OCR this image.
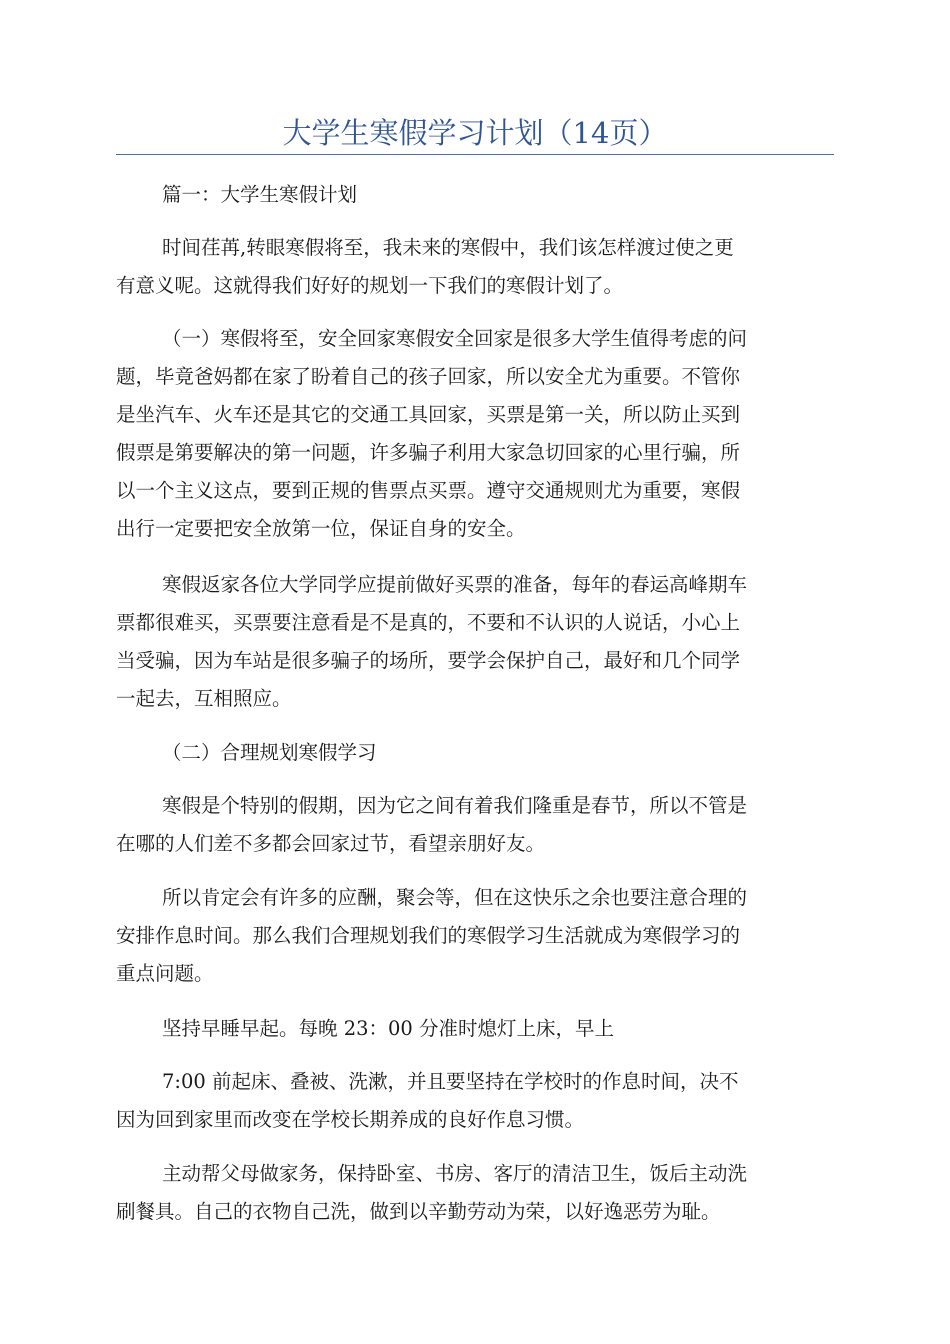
大学生寒假学习计划（14页）
篇一：大学生寒假计划
时间荏苒,转眼寒假将至，我未来的寒假中，我们该怎样渡过使之更
有意义呢。这就得我们好好的规划一下我们的寒假计划了。
（一）寒假将至，安全回家寒假安全回家是很多大学生值得考虑的问
题，毕竟爸妈都在家了盼着自己的孩子回家，所以安全尤为重要。不管你
是坐汽车、火车还是其它的交通工具回家，买票是第一关，所以防止买到
假票是第要解决的第一问题，许多骗子利用大家急切回家的心里行骗，所
以一个主义这点，要到正规的售票点买票。遵守交通规则尤为重要，寒假
出行一定要把安全放第一位，保证自身的安全。
寒假返家各位大学同学应提前做好买票的准备，每年的春运高峰期车
票都很难买，买票要注意看是不是真的，不要和不认识的人说话，小心上
当受骗，因为车站是很多骗子的场所，要学会保护自己，最好和几个同学
一起去，互相照应。
（二）合理规划寒假学习
寒假是个特别的假期，因为它之间有着我们隆重是春节，所以不管是
在哪的人们差不多都会回家过节，看望亲朋好友。
所以肯定会有许多的应酬，聚会等，但在这快乐之余也要注意合理的
安排作息时间。那么我们合理规划我们的寒假学习生活就成为寒假学习的
重点问题。
坚持早睡早起。每晚 23：00 分准时熄灯上床，早上
7:00 前起床、叠被、洗漱，并且要坚持在学校时的作息时间，决不
因为回到家里而改变在学校长期养成的良好作息习惯。
主动帮父母做家务，保持卧室、书房、客厅的清洁卫生，饭后主动洗
刷餐具。自己的衣物自己洗，做到以辛勤劳动为荣，以好逸恶劳为耻。
